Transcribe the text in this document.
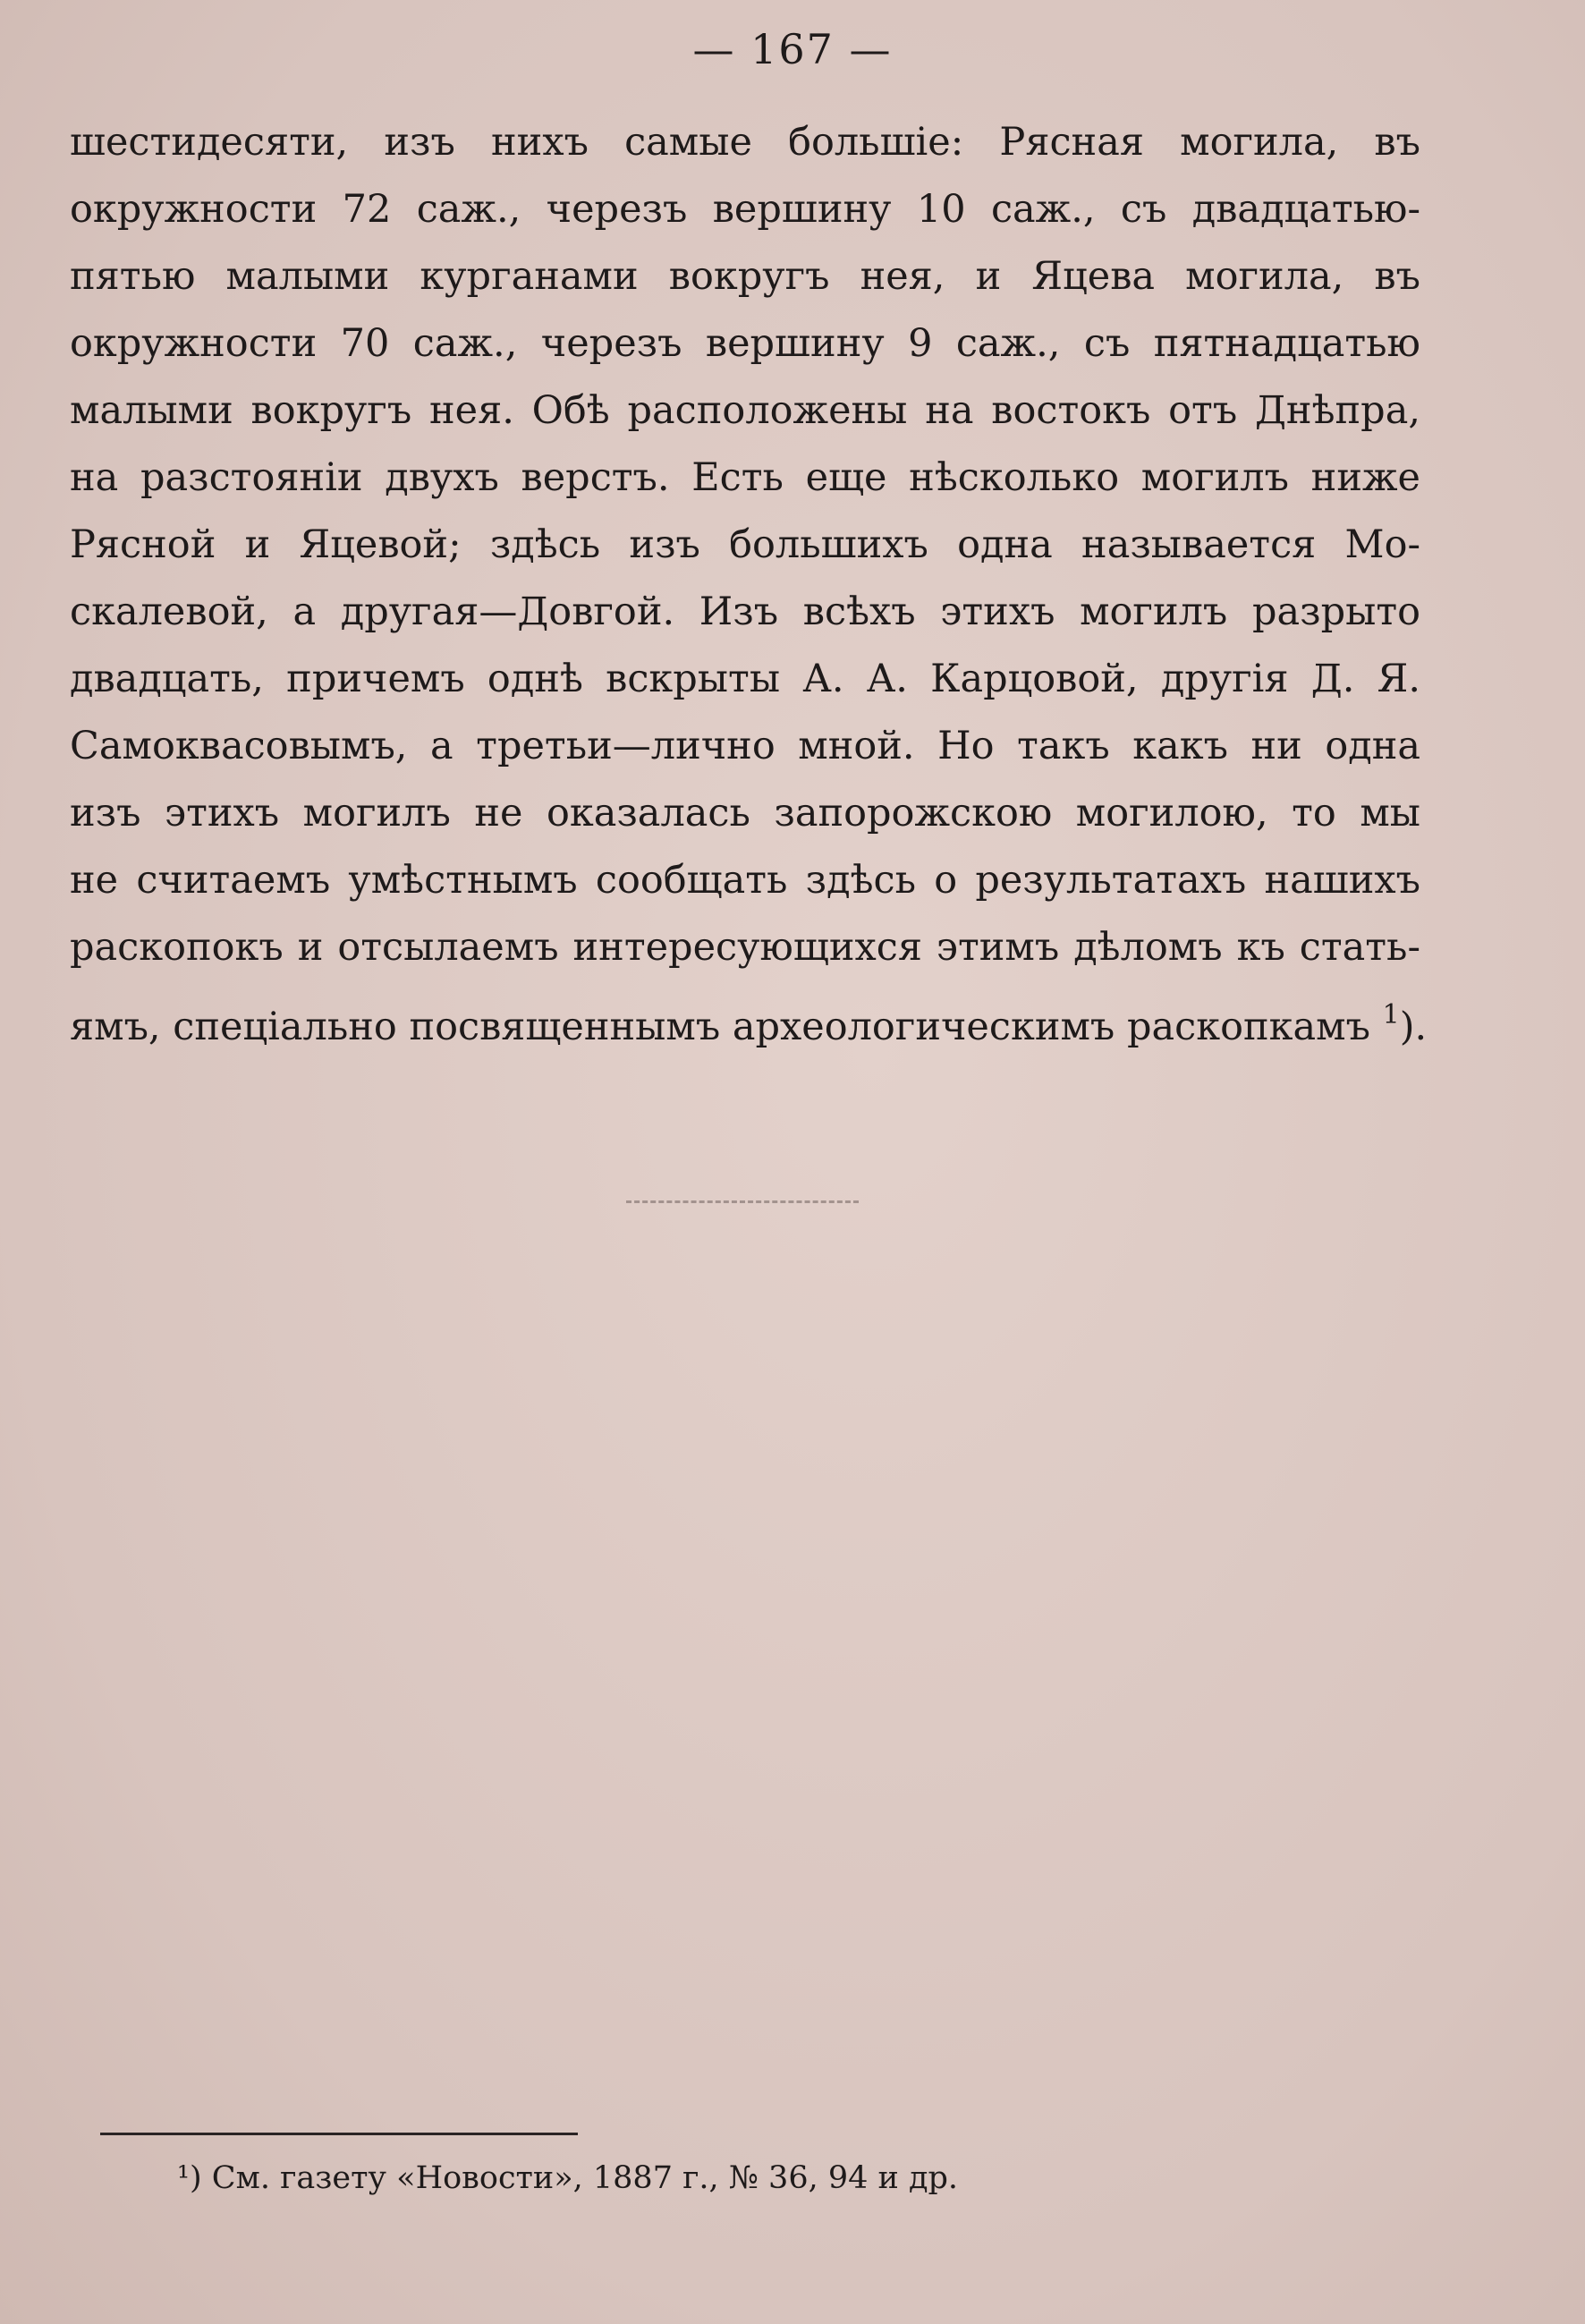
— 167 —
шестидесяти, изъ нихъ самые большіе: Рясная могила, въ
окружности 72 саж., черезъ вершину 10 саж., съ двадцатью-
пятью малыми курганами вокругъ нея, и Яцева могила, въ
окружности 70 саж., черезъ вершину 9 саж., съ пятнадцатью
малыми вокругъ нея. Обѣ расположены на востокъ отъ Днѣпра,
на разстояніи двухъ верстъ. Есть еще нѣсколько могилъ ниже
Рясной и Яцевой; здѣсь изъ большихъ одна называется Мо-
скалевой, а другая—Довгой. Изъ всѣхъ этихъ могилъ разрыто
двадцать, причемъ однѣ вскрыты А. А. Карцовой, другія Д. Я.
Самоквасовымъ, а третьи—лично мной. Но такъ какъ ни одна
изъ этихъ могилъ не оказалась запорожскою могилою, то мы
не считаемъ умѣстнымъ сообщать здѣсь о результатахъ нашихъ
раскопокъ и отсылаемъ интересующихся этимъ дѣломъ къ стать-
ямъ, спеціально посвященнымъ археологическимъ раскопкамъ $^1$).
¹) См. газету «Новости», 1887 г., № 36, 94 и др.
